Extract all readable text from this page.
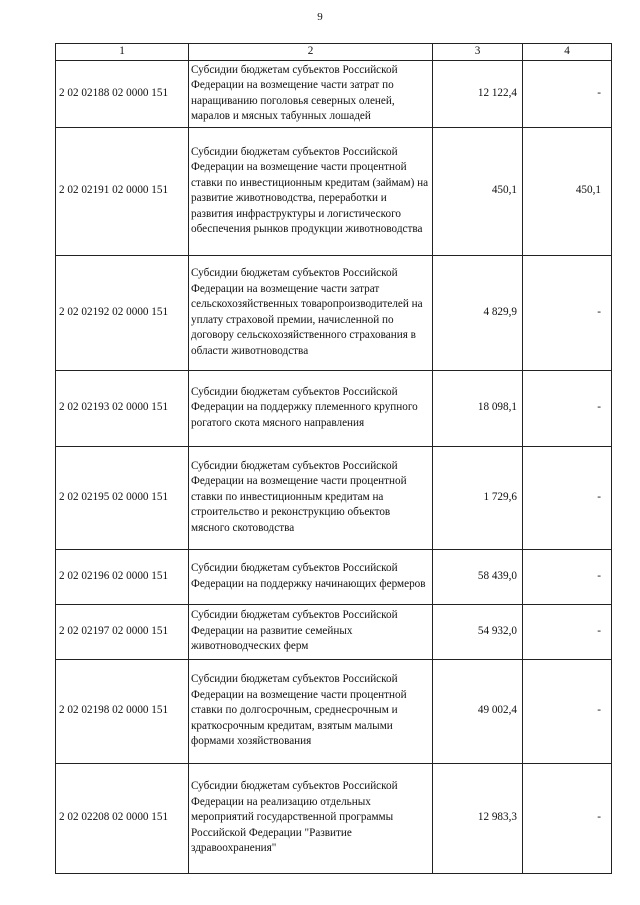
9
1	2	3	4
2 02 02188 02 0000 151	Субсидии бюджетам субъектов Российской Федерации на возмещение части затрат по наращиванию поголовья северных оленей, маралов и мясных табунных лошадей	12 122,4	-
2 02 02191 02 0000 151	Субсидии бюджетам субъектов Российской Федерации на возмещение части процентной ставки по инвестиционным кредитам (займам) на развитие животноводства, переработки и развития инфраструктуры и логистического обеспечения рынков продукции животноводства	450,1	450,1
2 02 02192 02 0000 151	Субсидии бюджетам субъектов Российской Федерации на возмещение части затрат сельскохозяйственных товаропроизводителей на уплату страховой премии, начисленной по договору сельскохозяйственного страхования в области животноводства	4 829,9	-
2 02 02193 02 0000 151	Субсидии бюджетам субъектов Российской Федерации на поддержку племенного крупного рогатого скота мясного направления	18 098,1	-
2 02 02195 02 0000 151	Субсидии бюджетам субъектов Российской Федерации на возмещение части процентной ставки по инвестиционным кредитам на строительство и реконструкцию объектов мясного скотоводства	1 729,6	-
2 02 02196 02 0000 151	Субсидии бюджетам субъектов Российской Федерации на поддержку начинающих фермеров	58 439,0	-
2 02 02197 02 0000 151	Субсидии бюджетам субъектов Российской Федерации на развитие семейных животноводческих ферм	54 932,0	-
2 02 02198 02 0000 151	Субсидии бюджетам субъектов Российской Федерации на возмещение части процентной ставки по долгосрочным, среднесрочным и краткосрочным кредитам, взятым малыми формами хозяйствования	49 002,4	-
2 02 02208 02 0000 151	Субсидии бюджетам субъектов Российской Федерации на реализацию отдельных мероприятий государственной программы Российской Федерации "Развитие здравоохранения"	12 983,3	-
